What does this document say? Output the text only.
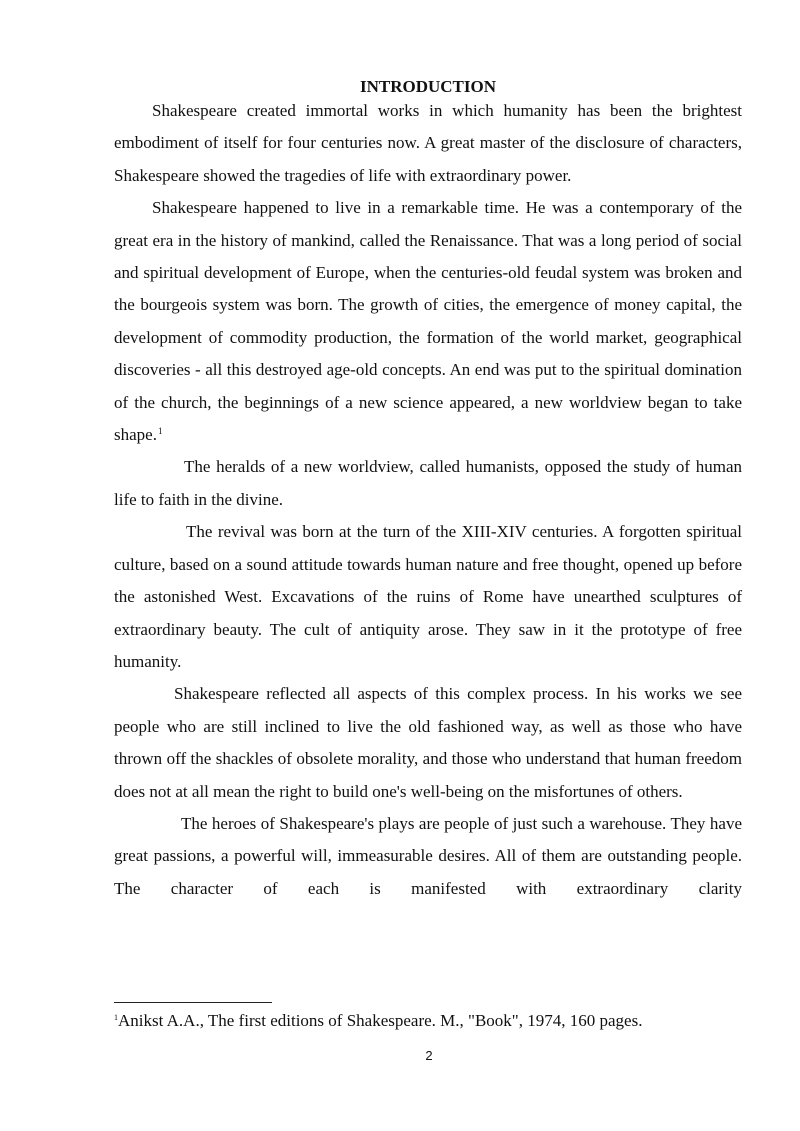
INTRODUCTION

Shakespeare created immortal works in which humanity has been the brightest embodiment of itself for four centuries now. A great master of the disclosure of characters, Shakespeare showed the tragedies of life with extraordinary power.

Shakespeare happened to live in a remarkable time. He was a contemporary of the great era in the history of mankind, called the Renaissance. That was a long period of social and spiritual development of Europe, when the centuries-old feudal system was broken and the bourgeois system was born. The growth of cities, the emergence of money capital, the development of commodity production, the formation of the world market, geographical discoveries - all this destroyed age-old concepts. An end was put to the spiritual domination of the church, the beginnings of a new science appeared, a new worldview began to take shape.$^1$

The heralds of a new worldview, called humanists, opposed the study of human life to faith in the divine.

The revival was born at the turn of the XIII-XIV centuries. A forgotten spiritual culture, based on a sound attitude towards human nature and free thought, opened up before the astonished West. Excavations of the ruins of Rome have unearthed sculptures of extraordinary beauty. The cult of antiquity arose. They saw in it the prototype of free humanity.

Shakespeare reflected all aspects of this complex process. In his works we see people who are still inclined to live the old fashioned way, as well as those who have thrown off the shackles of obsolete morality, and those who understand that human freedom does not at all mean the right to build one's well-being on the misfortunes of others.

The heroes of Shakespeare's plays are people of just such a warehouse. They have great passions, a powerful will, immeasurable desires. All of them are outstanding people. The character of each is manifested with extraordinary clarity

$^1$Anikst A.A., The first editions of Shakespeare. M., "Book", 1974, 160 pages.
2
